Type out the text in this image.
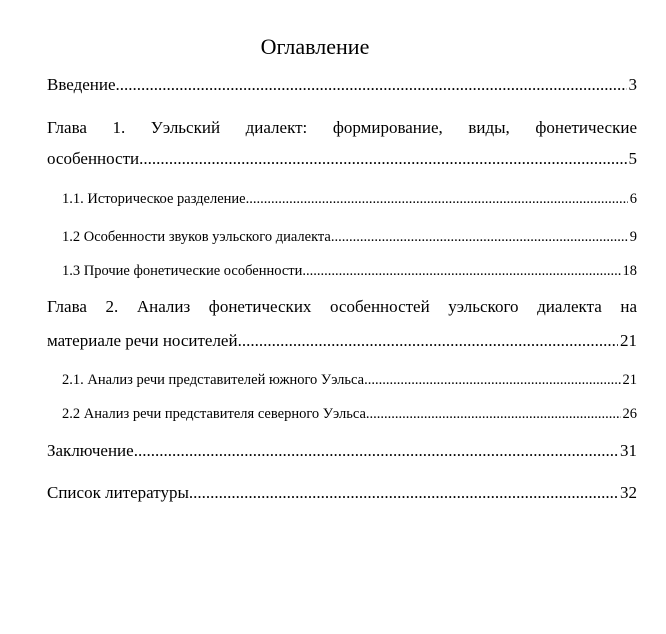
Оглавление
Введение .....	3
Глава 1. Уэльский диалект: формирование, виды, фонетические
особенности .....	5
1.1. Историческое разделение .....	6
1.2 Особенности звуков уэльского диалекта .....	9
1.3 Прочие фонетические особенности .....	18
Глава 2. Анализ фонетических особенностей уэльского диалекта на
материале речи носителей .....	21
2.1. Анализ речи представителей южного Уэльса .....	21
2.2 Анализ речи представителя северного Уэльса .....	26
Заключение .....	31
Список литературы .....	32
